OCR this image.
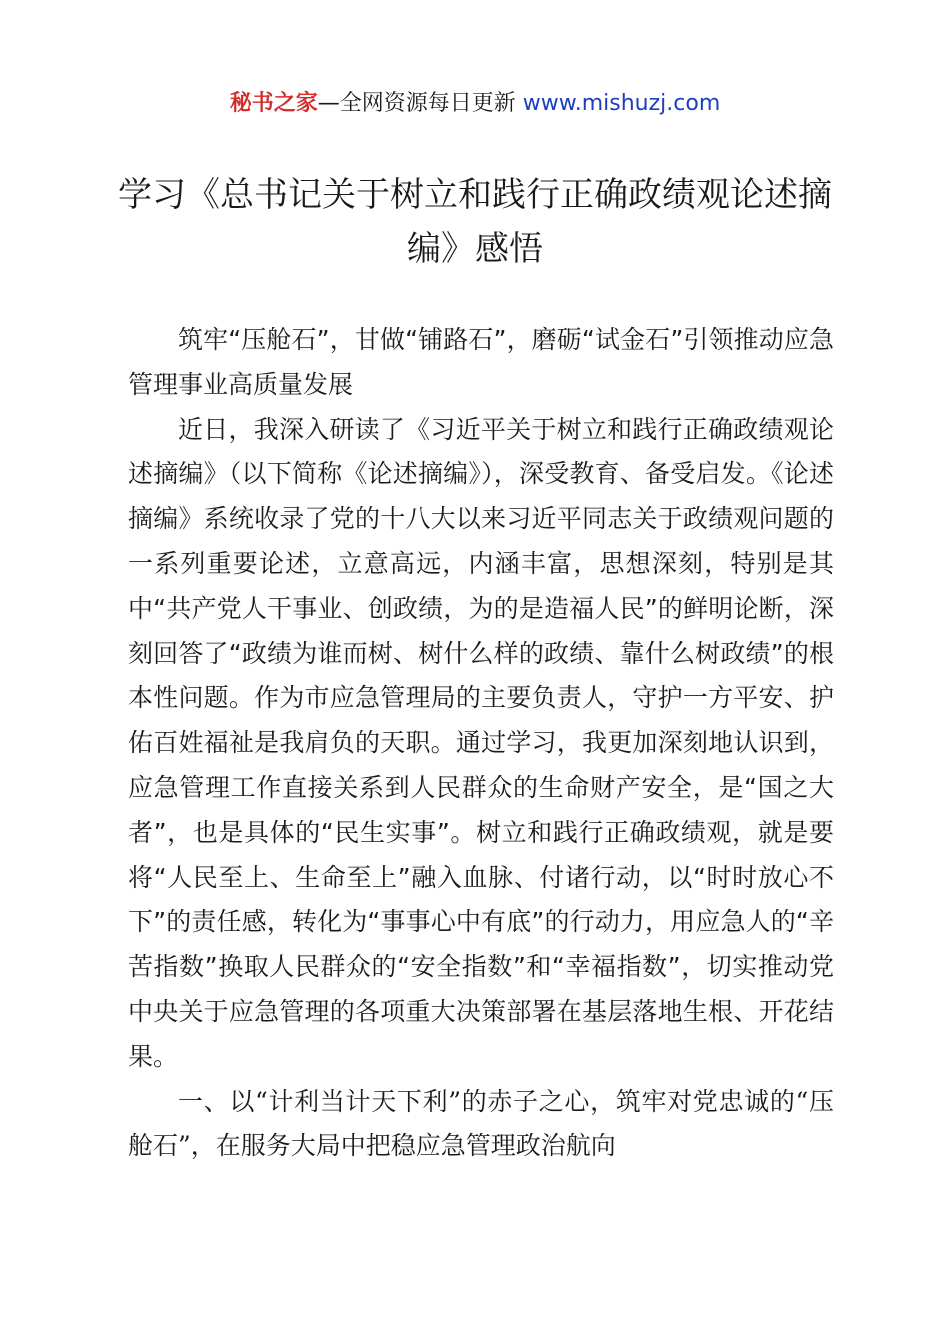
秘书之家—全网资源每日更新 www.mishuzj.com
学习《总书记关于树立和践行正确政绩观论述摘编》感悟

筑牢“压舱石”，甘做“铺路石”，磨砺“试金石”引领推动应急管理事业高质量发展

近日，我深入研读了《习近平关于树立和践行正确政绩观论述摘编》（以下简称《论述摘编》），深受教育、备受启发。《论述摘编》系统收录了党的十八大以来习近平同志关于政绩观问题的一系列重要论述，立意高远，内涵丰富，思想深刻，特别是其中“共产党人干事业、创政绩，为的是造福人民”的鲜明论断，深刻回答了“政绩为谁而树、树什么样的政绩、靠什么树政绩”的根本性问题。作为市应急管理局的主要负责人，守护一方平安、护佑百姓福祉是我肩负的天职。通过学习，我更加深刻地认识到，应急管理工作直接关系到人民群众的生命财产安全，是“国之大者”，也是具体的“民生实事”。树立和践行正确政绩观，就是要将“人民至上、生命至上”融入血脉、付诸行动，以“时时放心不下”的责任感，转化为“事事心中有底”的行动力，用应急人的“辛苦指数”换取人民群众的“安全指数”和“幸福指数”，切实推动党中央关于应急管理的各项重大决策部署在基层落地生根、开花结果。

一、以“计利当计天下利”的赤子之心，筑牢对党忠诚的“压舱石”，在服务大局中把稳应急管理政治航向
